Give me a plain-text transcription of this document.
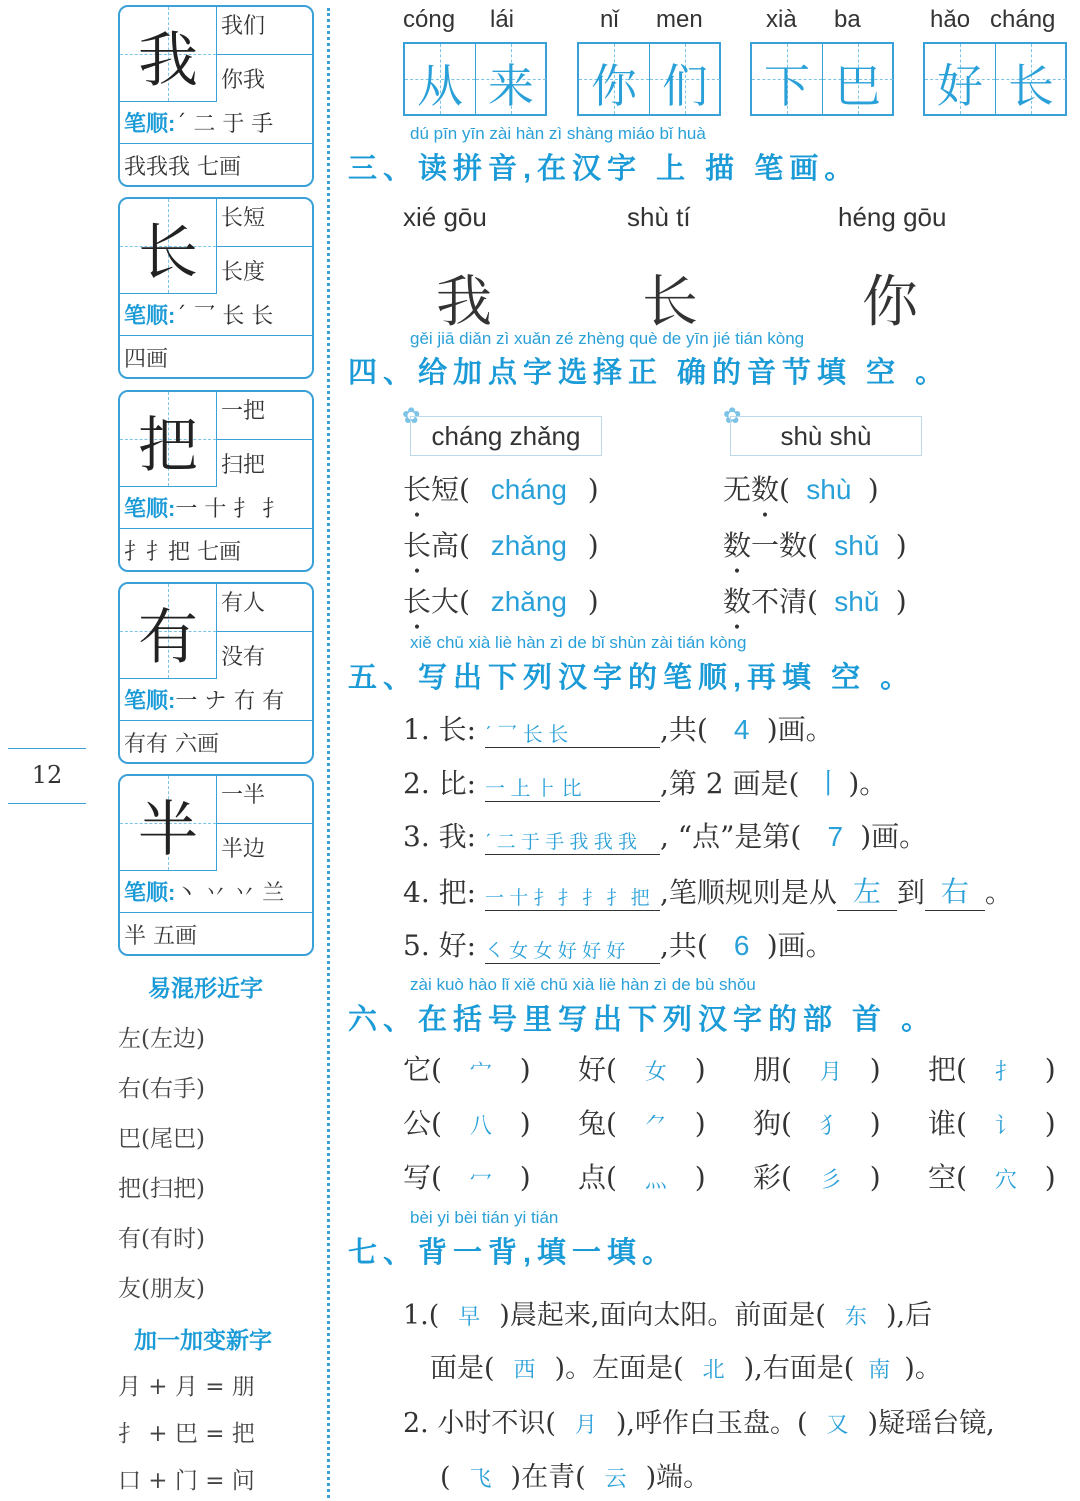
12
我	我们
你我
笔顺:ˊ 二 于 手
我我我 七画
长	长短
长度
笔顺:ˊ 乛 长 长
四画
把	一把
扫把
笔顺:一 十 扌 扌
扌扌把 七画
有	有人
没有
笔顺:一 ナ 冇 有
有有 六画
半	一半
半边
笔顺:丶 丷 丷 兰
半 五画
易混形近字
左(左边)
右(右手)
巴(尾巴)
把(扫把)
有(有时)
友(朋友)
加一加变新字
月 + 月 = 朋
扌 + 巴 = 把
口 + 门 = 问
cóng lái
从 来
nǐ men
你 们
xià ba
下 巴
hǎo cháng
好 长
dú pīn yīn zài hàn zì shàng miáo bǐ huà
三、读拼音,在汉字 上 描 笔画。
xié gōu	shù tí	héng gōu
我	长	你
gěi jiā diǎn zì xuǎn zé zhèng què de yīn jié tián kòng
四、给加点字选择正 确的音节填 空 。
✿
cháng zhǎng
✿
shù shù
长短( cháng )
长高( zhǎng )
长大( zhǎng )
无数( shù )
数一数( shǔ )
数不清( shǔ )
xiě chū xià liè hàn zì de bǐ shùn zài tián kòng
五、写出下列汉字的笔顺,再填 空 。
1. 长: ˊ 乛 长 长	,共( 4 )画。
2. 比: 一 上 ⺊ 比	,第 2 画是( 丨 )。
3. 我: ˊ 二 于 手 我 我 我 , “点”是第( 7 )画。
4. 把: 一 十 扌 扌 扌 扌 把 ,笔顺规则是从 左 到 右 。
5. 好: ㇛ 女 女 好 好 好 ,共( 6 )画。
zài kuò hào lǐ xiě chū xià liè hàn zì de bù shǒu
六、在括号里写出下列汉字的部 首 。
它( 宀 ) 好( 女 ) 朋( 月 ) 把( 扌 )
公( 八 ) 兔( ⺈ ) 狗( 犭 ) 谁( 讠 )
写( 冖 ) 点( 灬 ) 彩( 彡 ) 空( 穴 )
bèi yi bèi tián yi tián
七、背一背,填一填。
1.( 早 )晨起来,面向太阳。前面是( 东 ),后
面是( 西 )。左面是( 北 ),右面是( 南 )。
2. 小时不识( 月 ),呼作白玉盘。( 又 )疑瑶台镜,
( 飞 )在青( 云 )端。
